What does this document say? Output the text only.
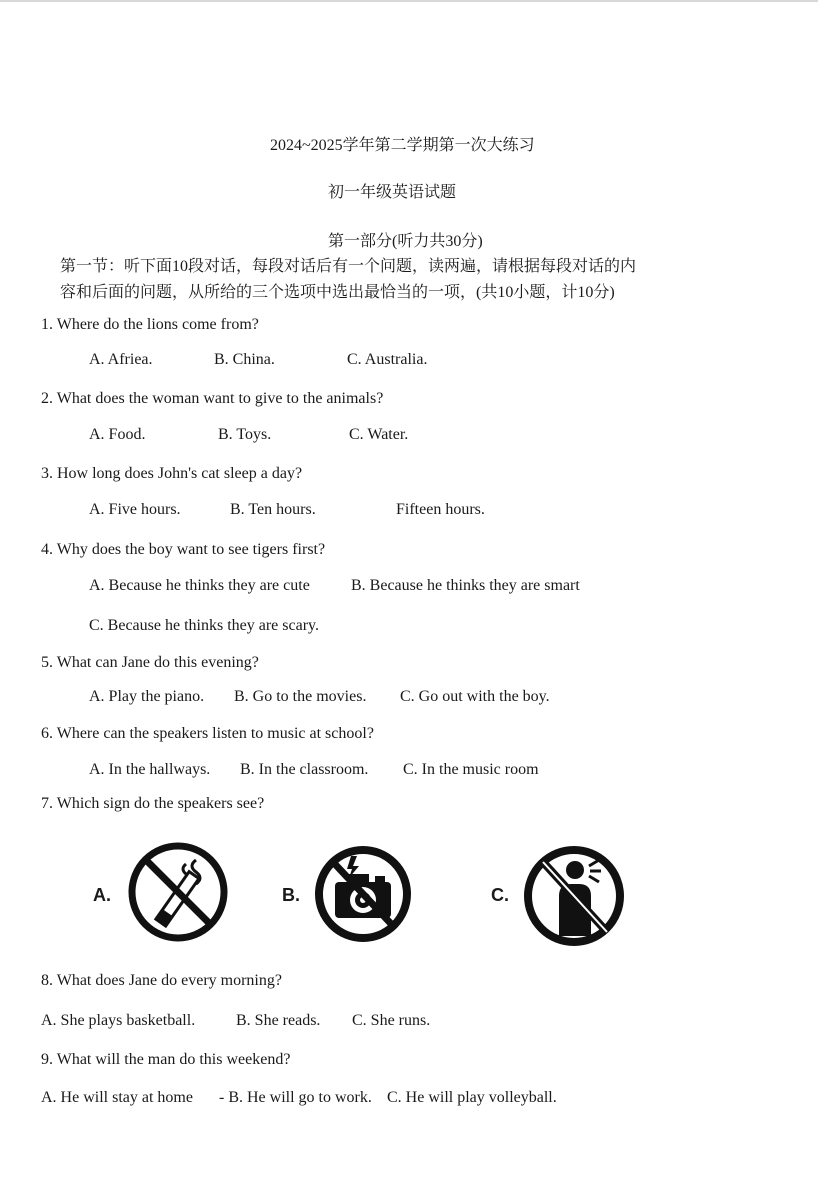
2024~2025学年第二学期第一次大练习
初一年级英语试题
第一部分(听力共30分)
第一节：听下面10段对话，每段对话后有一个问题，读两遍，请根据每段对话的内
容和后面的问题，从所给的三个选项中选出最恰当的一项，(共10小题，计10分)
1. Where do the lions come from?
A. Afriea.	B. China.	C. Australia.
2. What does the woman want to give to the animals?
A. Food.	B. Toys.	C. Water.
3. How long does John's cat sleep a day?
A. Five hours.	B. Ten hours.	Fifteen hours.
4. Why does the boy want to see tigers first?
A. Because he thinks they are cute	B. Because he thinks they are smart
C. Because he thinks they are scary.
5. What can Jane do this evening?
A. Play the piano. B. Go to the movies. C. Go out with the boy.
6. Where can the speakers listen to music at school?
A. In the hallways. B. In the classroom. C. In the music room
7. Which sign do the speakers see?
A.	B.	C.
8. What does Jane do every morning?
A. She plays basketball.	B. She reads. C. She runs.
9. What will the man do this weekend?
A. He will stay at home - B. He will go to work. C. He will play volleyball.
